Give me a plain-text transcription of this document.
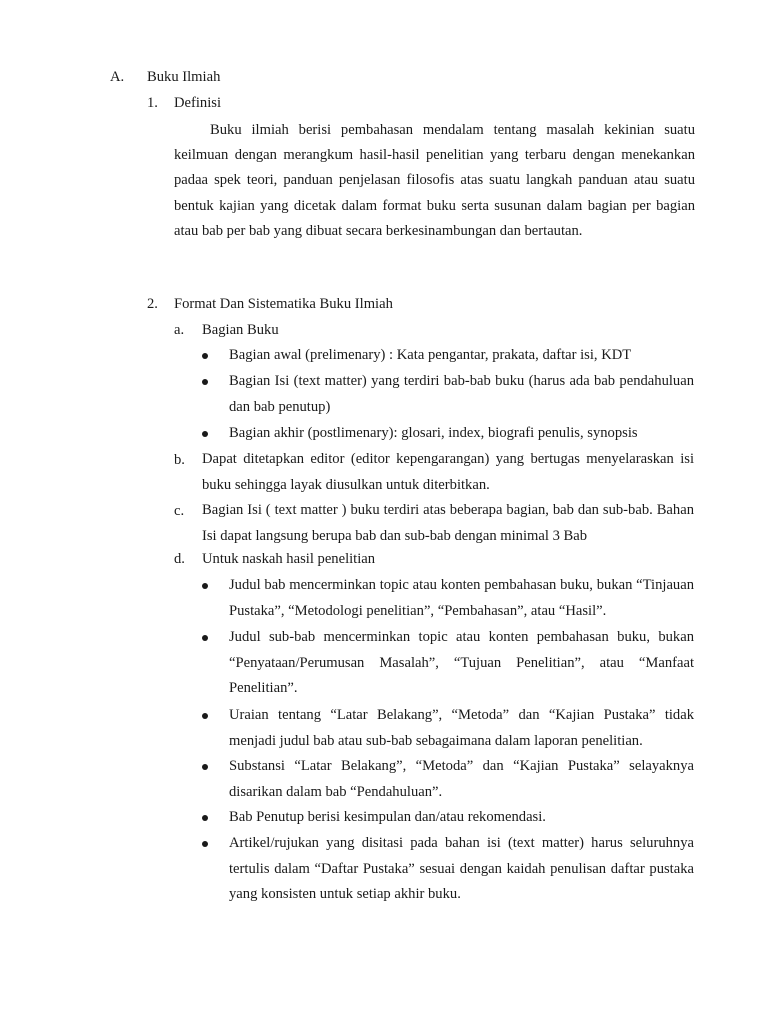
A. Buku Ilmiah
1. Definisi
Buku ilmiah berisi pembahasan mendalam tentang masalah kekinian suatu keilmuan dengan merangkum hasil-hasil penelitian yang terbaru dengan menekankan padaa spek teori, panduan penjelasan filosofis atas suatu langkah panduan atau suatu bentuk kajian yang dicetak dalam format buku serta susunan dalam bagian per bagian atau bab per bab yang dibuat secara berkesinambungan dan bertautan.
2. Format Dan Sistematika Buku Ilmiah
a. Bagian Buku
Bagian awal (prelimenary) : Kata pengantar, prakata, daftar isi, KDT
Bagian Isi (text matter) yang terdiri bab-bab buku (harus ada bab pendahuluan dan bab penutup)
Bagian akhir (postlimenary): glosari, index, biografi penulis, synopsis
b. Dapat ditetapkan editor (editor kepengarangan) yang bertugas menyelaraskan isi buku sehingga layak diusulkan untuk diterbitkan.
c. Bagian Isi ( text matter ) buku terdiri atas beberapa bagian, bab dan sub-bab. Bahan Isi dapat langsung berupa bab dan sub-bab dengan minimal 3 Bab
d. Untuk naskah hasil penelitian
Judul bab mencerminkan topic atau konten pembahasan buku, bukan “Tinjauan Pustaka”, “Metodologi penelitian”, “Pembahasan”, atau “Hasil”.
Judul sub-bab mencerminkan topic atau konten pembahasan buku, bukan “Penyataan/Perumusan Masalah”, “Tujuan Penelitian”, atau “Manfaat Penelitian”.
Uraian tentang “Latar Belakang”, “Metoda” dan “Kajian Pustaka” tidak menjadi judul bab atau sub-bab sebagaimana dalam laporan penelitian.
Substansi “Latar Belakang”, “Metoda” dan “Kajian Pustaka” selayaknya disarikan dalam bab “Pendahuluan”.
Bab Penutup berisi kesimpulan dan/atau rekomendasi.
Artikel/rujukan yang disitasi pada bahan isi (text matter) harus seluruhnya tertulis dalam “Daftar Pustaka” sesuai dengan kaidah penulisan daftar pustaka yang konsisten untuk setiap akhir buku.
